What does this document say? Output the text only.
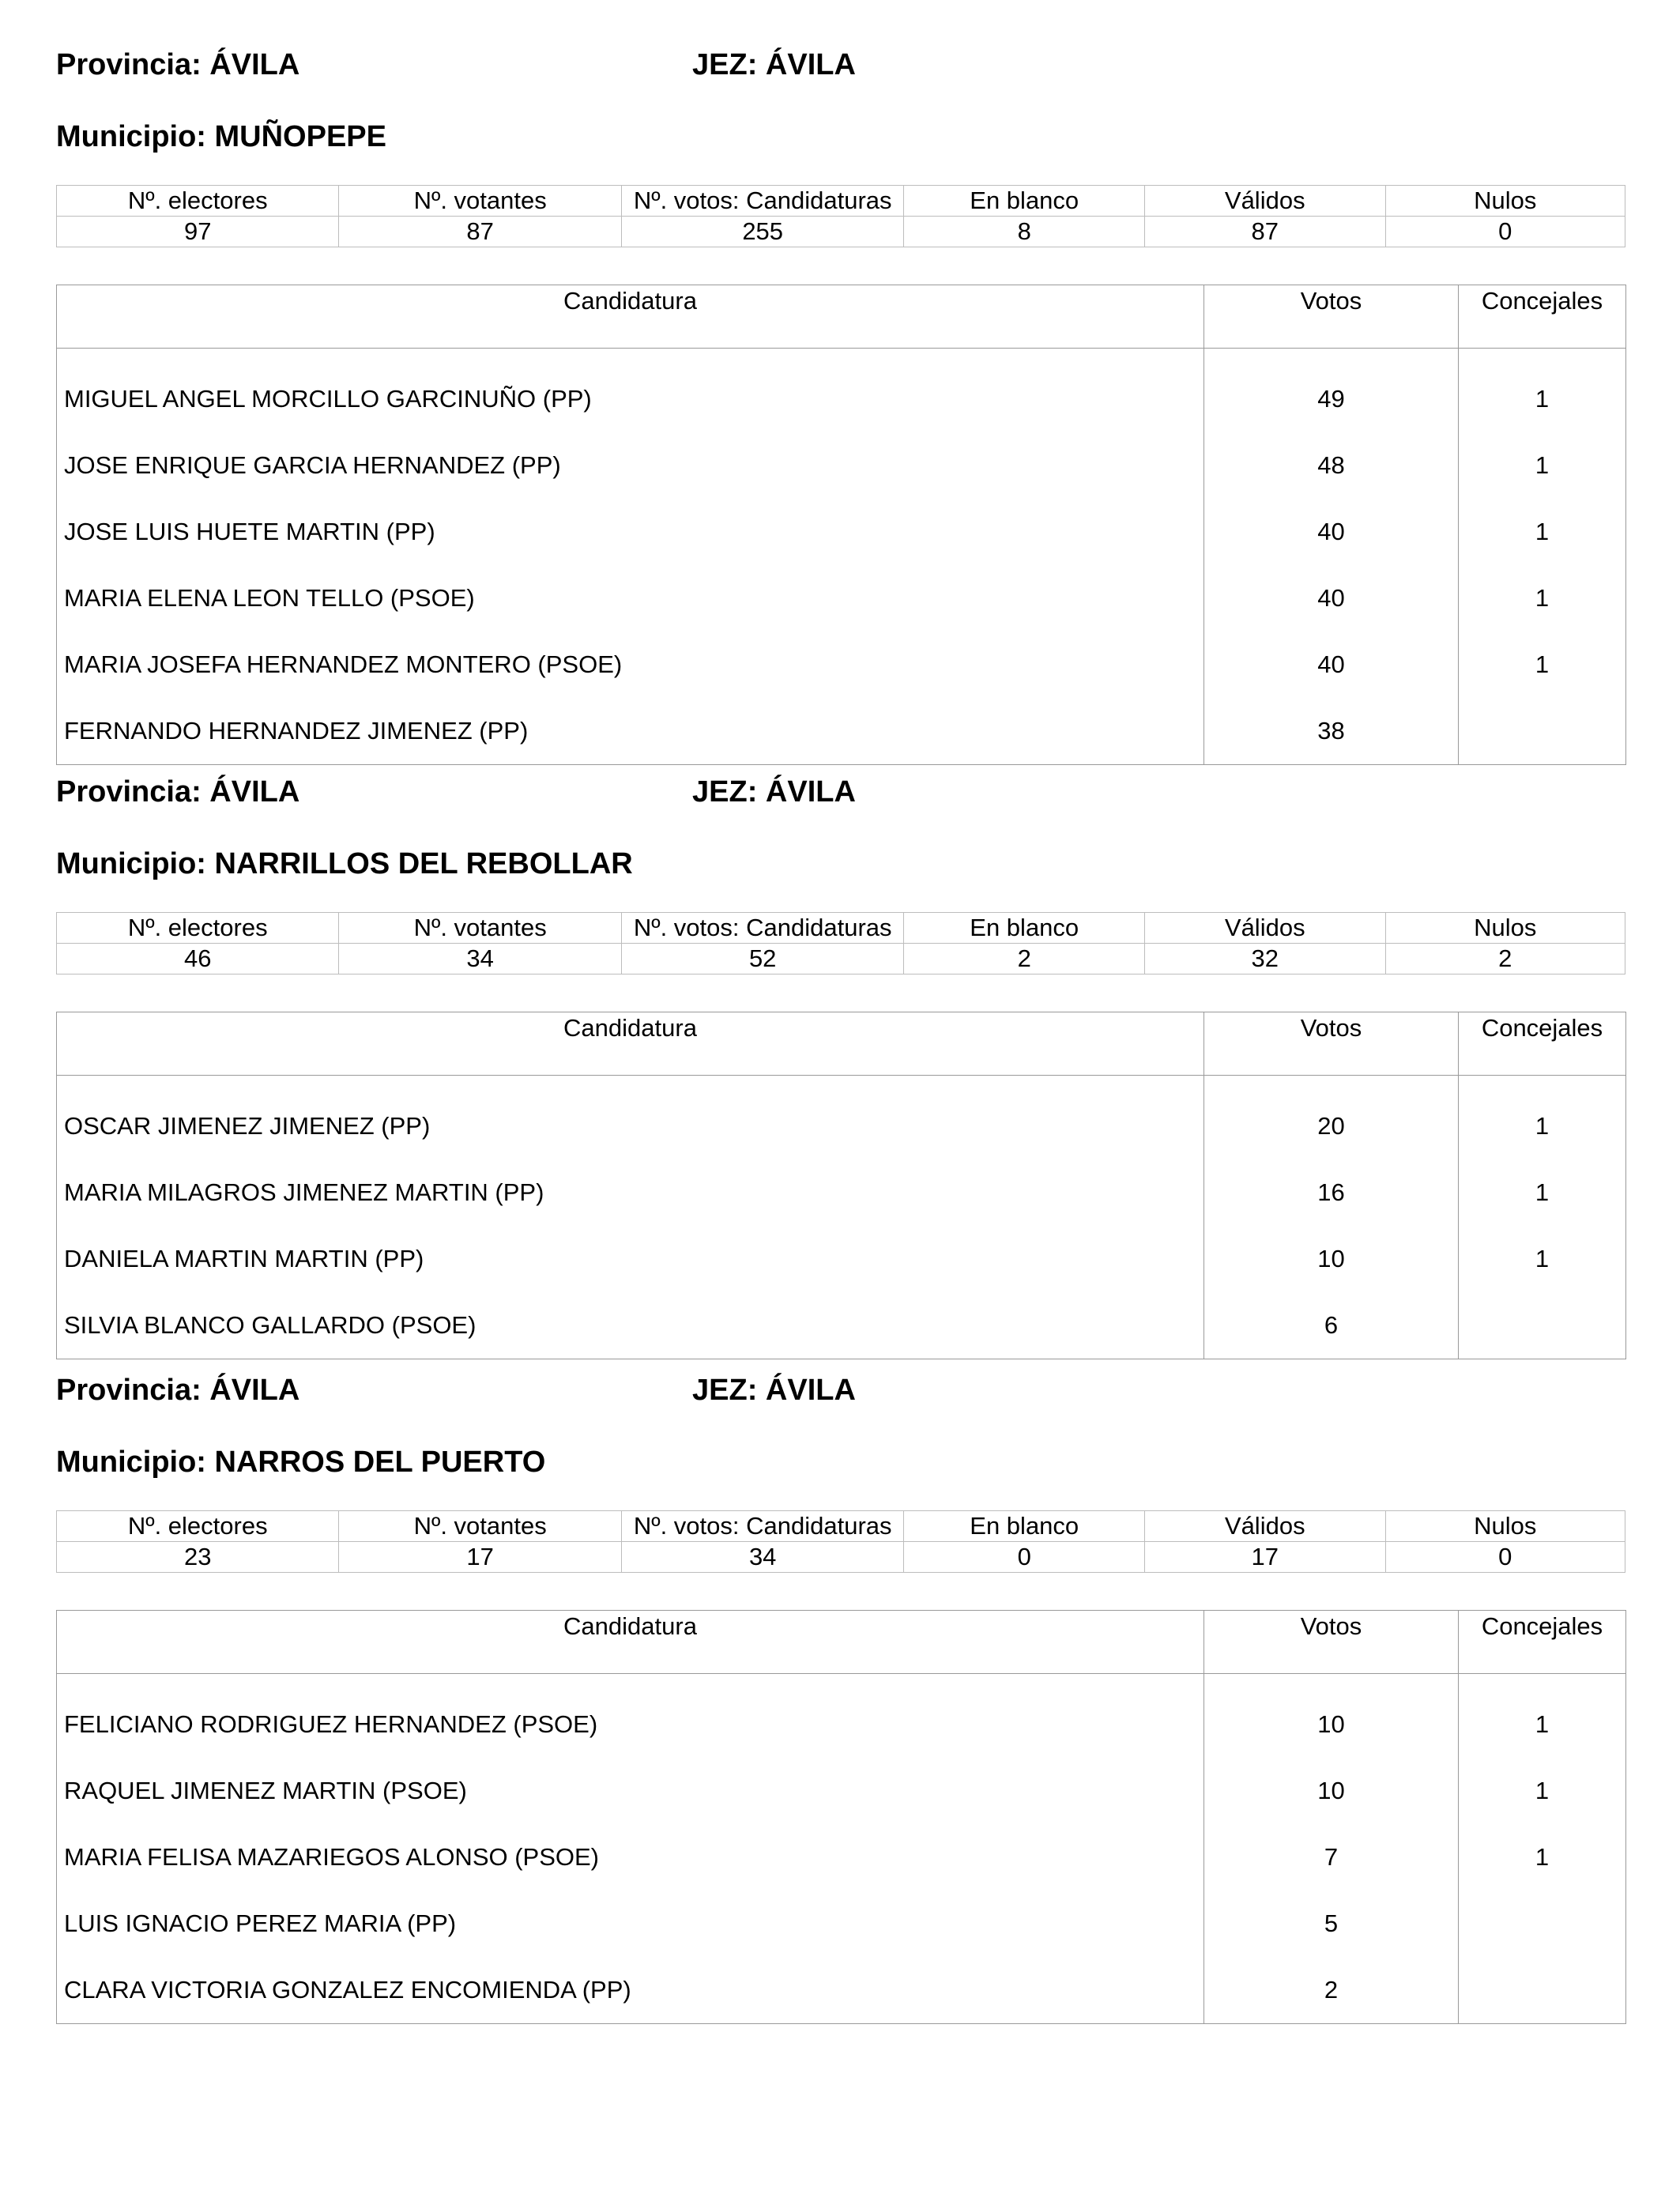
Provincia: ÁVILA	JEZ: ÁVILA
Municipio: MUÑOPEPE
Nº. electores	Nº. votantes	Nº. votos: Candidaturas	En blanco	Válidos	Nulos
97	87	255	8	87	0
Candidatura	Votos	Concejales

MIGUEL ANGEL MORCILLO GARCINUÑO (PP)	49	1
JOSE ENRIQUE GARCIA HERNANDEZ (PP)	48	1
JOSE LUIS HUETE MARTIN (PP)	40	1
MARIA ELENA LEON TELLO (PSOE)	40	1
MARIA JOSEFA HERNANDEZ MONTERO (PSOE)	40	1
FERNANDO HERNANDEZ JIMENEZ (PP)	38	
Provincia: ÁVILA	JEZ: ÁVILA
Municipio: NARRILLOS DEL REBOLLAR
Nº. electores	Nº. votantes	Nº. votos: Candidaturas	En blanco	Válidos	Nulos
46	34	52	2	32	2
Candidatura	Votos	Concejales

OSCAR JIMENEZ JIMENEZ (PP)	20	1
MARIA MILAGROS JIMENEZ MARTIN (PP)	16	1
DANIELA MARTIN MARTIN (PP)	10	1
SILVIA BLANCO GALLARDO (PSOE)	6	
Provincia: ÁVILA	JEZ: ÁVILA
Municipio: NARROS DEL PUERTO
Nº. electores	Nº. votantes	Nº. votos: Candidaturas	En blanco	Válidos	Nulos
23	17	34	0	17	0
Candidatura	Votos	Concejales

FELICIANO RODRIGUEZ HERNANDEZ (PSOE)	10	1
RAQUEL JIMENEZ MARTIN (PSOE)	10	1
MARIA FELISA MAZARIEGOS ALONSO (PSOE)	7	1
LUIS IGNACIO PEREZ MARIA (PP)	5	
CLARA VICTORIA GONZALEZ ENCOMIENDA (PP)	2	
